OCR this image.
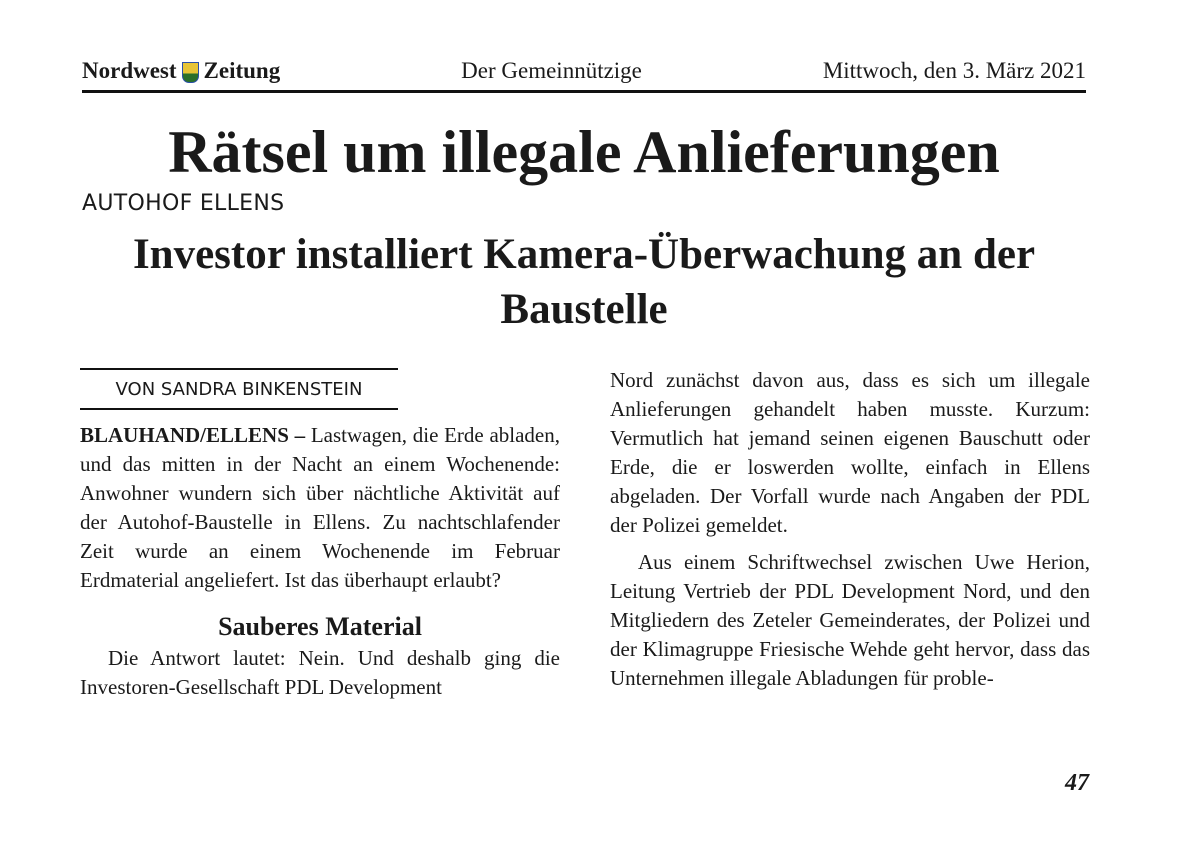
Nordwest Zeitung	Der Gemeinnützige	Mittwoch, den 3. März 2021
Rätsel um illegale Anlieferungen
AUTOHOF ELLENS
Investor installiert Kamera-Überwachung an der Baustelle
VON SANDRA BINKENSTEIN

BLAUHAND/ELLENS – Lastwagen, die Erde abladen, und das mitten in der Nacht an einem Wochenende: Anwohner wundern sich über nächtliche Aktivität auf der Autohof-Baustelle in Ellens. Zu nachtschlafender Zeit wurde an einem Wochenende im Februar Erdmaterial angeliefert. Ist das überhaupt erlaubt?

Sauberes Material

Die Antwort lautet: Nein. Und deshalb ging die Investoren-Gesellschaft PDL Development

Nord zunächst davon aus, dass es sich um illegale Anlieferungen gehandelt haben musste. Kurzum: Vermutlich hat jemand seinen eigenen Bauschutt oder Erde, die er loswerden wollte, einfach in Ellens abgeladen. Der Vorfall wurde nach Angaben der PDL der Polizei gemeldet.

Aus einem Schriftwechsel zwischen Uwe Herion, Leitung Vertrieb der PDL Development Nord, und den Mitgliedern des Zeteler Gemeinderates, der Polizei und der Klimagruppe Friesische Wehde geht hervor, dass das Unternehmen illegale Abladungen für proble-

47
